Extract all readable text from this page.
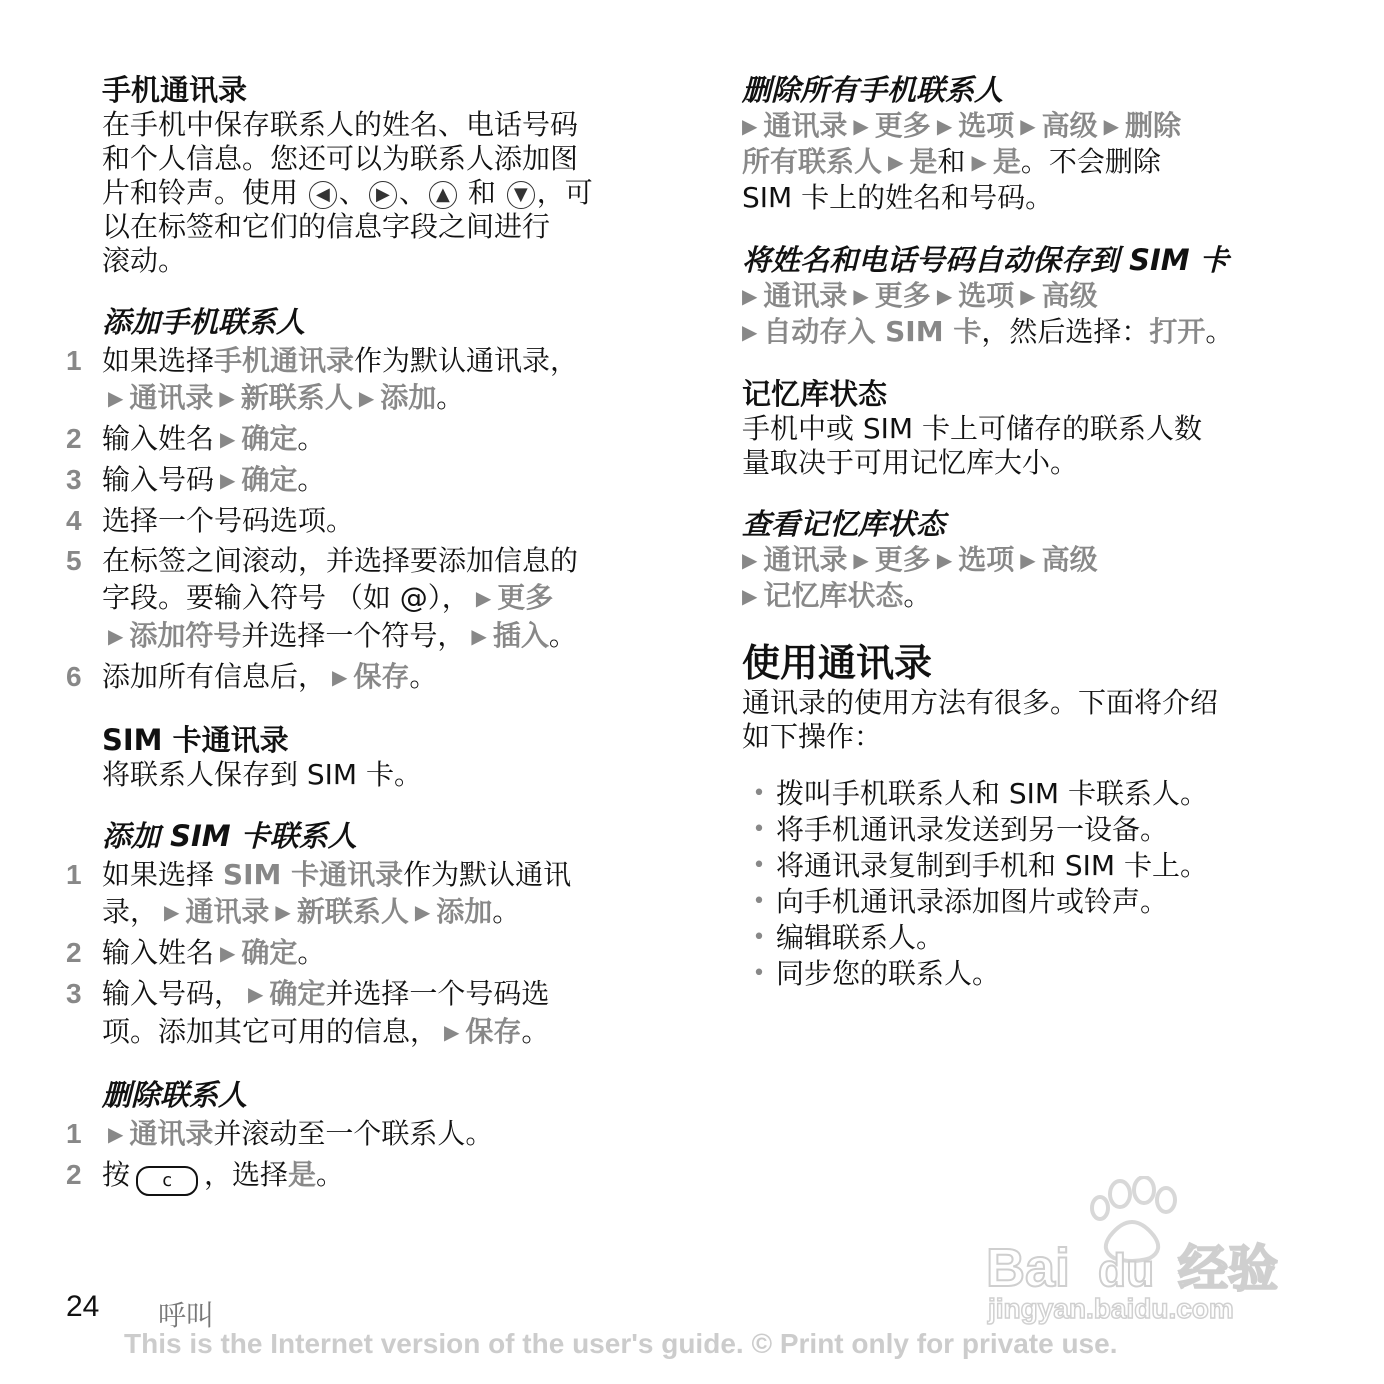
手机通讯录
在手机中保存联系人的姓名、电话号码
和个人信息。您还可以为联系人添加图
片和铃声。使用 ◀ 、 ▶ 、 ▲ 和 ▼ ，可
以在标签和它们的信息字段之间进行
滚动。
添加手机联系人
1 如果选择手机通讯录作为默认通讯录，
▶ 通讯录 ▶ 新联系人 ▶ 添加。
2 输入姓名 ▶ 确定。
3 输入号码 ▶ 确定。
4 选择一个号码选项。
5 在标签之间滚动，并选择要添加信息的
字段。要输入符号 （如 @）， ▶ 更多
▶ 添加符号并选择一个符号， ▶ 插入。
6 添加所有信息后， ▶ 保存。
SIM 卡通讯录
将联系人保存到 SIM 卡。
添加 SIM 卡联系人
1 如果选择 SIM 卡通讯录作为默认通讯
录， ▶ 通讯录 ▶ 新联系人 ▶ 添加。
2 输入姓名 ▶ 确定。
3 输入号码， ▶ 确定并选择一个号码选
项。添加其它可用的信息， ▶ 保存。
删除联系人
1	▶ 通讯录并滚动至一个联系人。
2 按 c ，选择是。
删除所有手机联系人
▶ 通讯录 ▶ 更多 ▶ 选项 ▶ 高级 ▶ 删除
所有联系人 ▶ 是和 ▶ 是。不会删除
SIM 卡上的姓名和号码。
将姓名和电话号码自动保存到 SIM 卡
▶ 通讯录 ▶ 更多 ▶ 选项 ▶ 高级
▶ 自动存入 SIM 卡，然后选择：打开。
记忆库状态
手机中或 SIM 卡上可储存的联系人数
量取决于可用记忆库大小。
查看记忆库状态
▶ 通讯录 ▶ 更多 ▶ 选项 ▶ 高级
▶ 记忆库状态。
使用通讯录
通讯录的使用方法有很多。下面将介绍
如下操作：
• 拨叫手机联系人和 SIM 卡联系人。
• 将手机通讯录发送到另一设备。
• 将通讯录复制到手机和 SIM 卡上。
• 向手机通讯录添加图片或铃声。
• 编辑联系人。
• 同步您的联系人。
Bai du 经验
jingyan.baidu.com
24 呼叫
This is the Internet version of the user's guide. © Print only for private use.
